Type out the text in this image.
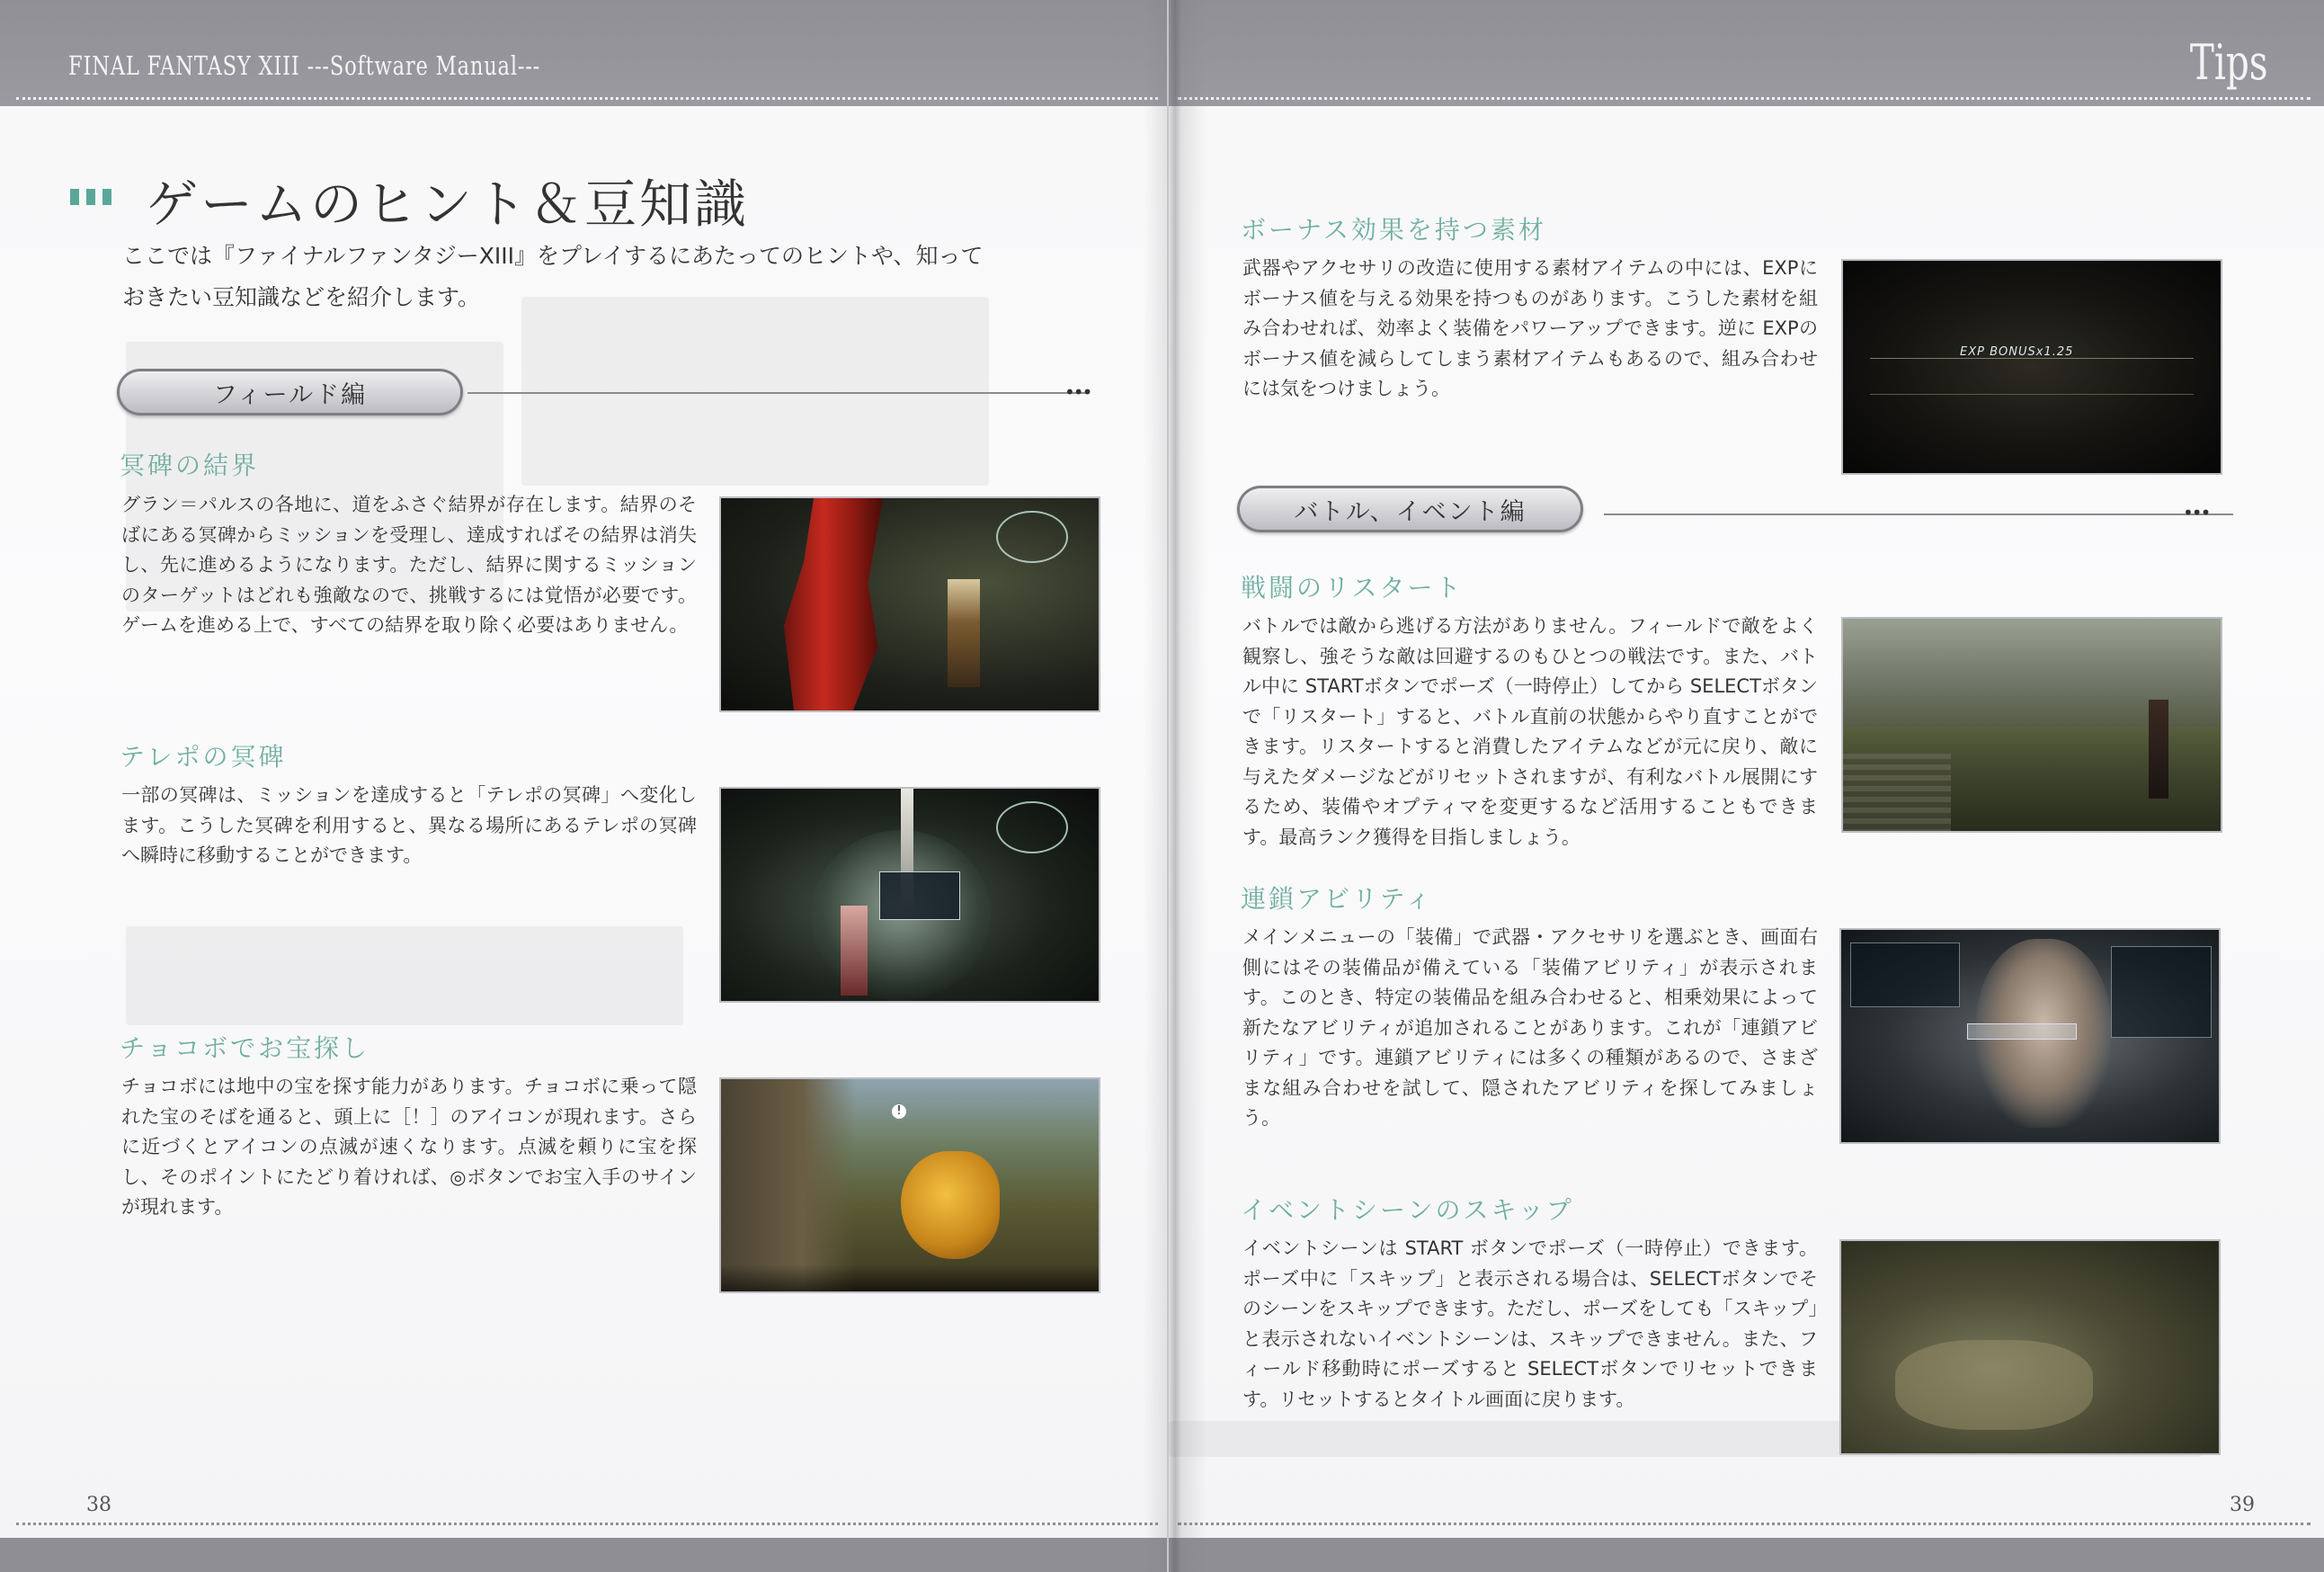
FINAL FANTASY XIII ---Software Manual---
ゲームのヒント＆豆知識
ここでは『ファイナルファンタジーXIII』をプレイするにあたってのヒントや、知っておきたい豆知識などを紹介します。
フィールド編	•••
冥碑の結界
グラン＝パルスの各地に、道をふさぐ結界が存在します。結界のそばにある冥碑からミッションを受理し、達成すればその結界は消失し、先に進めるようになります。ただし、結界に関するミッションのターゲットはどれも強敵なので、挑戦するには覚悟が必要です。ゲームを進める上で、すべての結界を取り除く必要はありません。
テレポの冥碑
一部の冥碑は、ミッションを達成すると「テレポの冥碑」へ変化します。こうした冥碑を利用すると、異なる場所にあるテレポの冥碑へ瞬時に移動することができます。
チョコボでお宝探し
チョコボには地中の宝を探す能力があります。チョコボに乗って隠れた宝のそばを通ると、頭上に［！］のアイコンが現れます。さらに近づくとアイコンの点滅が速くなります。点滅を頼りに宝を探し、そのポイントにたどり着ければ、◎ボタンでお宝入手のサインが現れます。
!
38
Tips
ボーナス効果を持つ素材
武器やアクセサリの改造に使用する素材アイテムの中には、EXPにボーナス値を与える効果を持つものがあります。こうした素材を組み合わせれば、効率よく装備をパワーアップできます。逆に EXPのボーナス値を減らしてしまう素材アイテムもあるので、組み合わせには気をつけましょう。
EXP BONUSx1.25
バトル、イベント編	•••
戦闘のリスタート
バトルでは敵から逃げる方法がありません。フィールドで敵をよく観察し、強そうな敵は回避するのもひとつの戦法です。また、バトル中に STARTボタンでポーズ（一時停止）してから SELECTボタンで「リスタート」すると、バトル直前の状態からやり直すことができます。リスタートすると消費したアイテムなどが元に戻り、敵に与えたダメージなどがリセットされますが、有利なバトル展開にするため、装備やオプティマを変更するなど活用することもできます。最高ランク獲得を目指しましょう。
連鎖アビリティ
メインメニューの「装備」で武器・アクセサリを選ぶとき、画面右側にはその装備品が備えている「装備アビリティ」が表示されます。このとき、特定の装備品を組み合わせると、相乗効果によって新たなアビリティが追加されることがあります。これが「連鎖アビリティ」です。連鎖アビリティには多くの種類があるので、さまざまな組み合わせを試して、隠されたアビリティを探してみましょう。
イベントシーンのスキップ
イベントシーンは START ボタンでポーズ（一時停止）できます。ポーズ中に「スキップ」と表示される場合は、SELECTボタンでそのシーンをスキップできます。ただし、ポーズをしても「スキップ」と表示されないイベントシーンは、スキップできません。また、フィールド移動時にポーズすると SELECTボタンでリセットできます。リセットするとタイトル画面に戻ります。
39
